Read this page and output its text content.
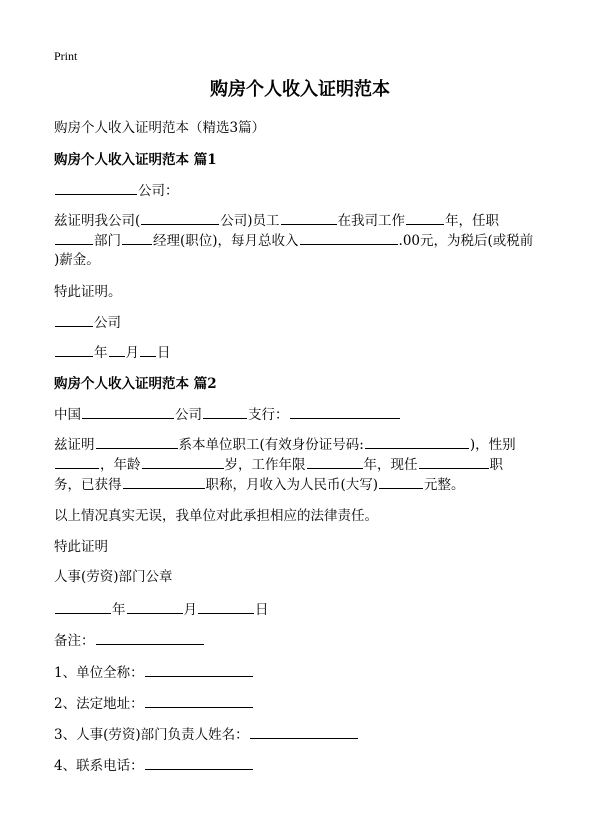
Print
购房个人收入证明范本
购房个人收入证明范本（精选3篇）
购房个人收入证明范本 篇1
公司：
兹证明我公司(	公司)员工	在我司工作	年，任职
部门 经理(职位)，每月总收入	.00元，为税后(或税前
)薪金。
特此证明。
公司
年 月 日
购房个人收入证明范本 篇2
中国	公司	支行：
兹证明	系本单位职工(有效身份证号码:	)，性别
，年龄	岁，工作年限	年，现任	职
务，已获得	职称，月收入为人民币(大写)	元整。
以上情况真实无误，我单位对此承担相应的法律责任。
特此证明
人事(劳资)部门公章
年	月	日
备注：
1、单位全称：
2、法定地址：
3、人事(劳资)部门负责人姓名：
4、联系电话：
